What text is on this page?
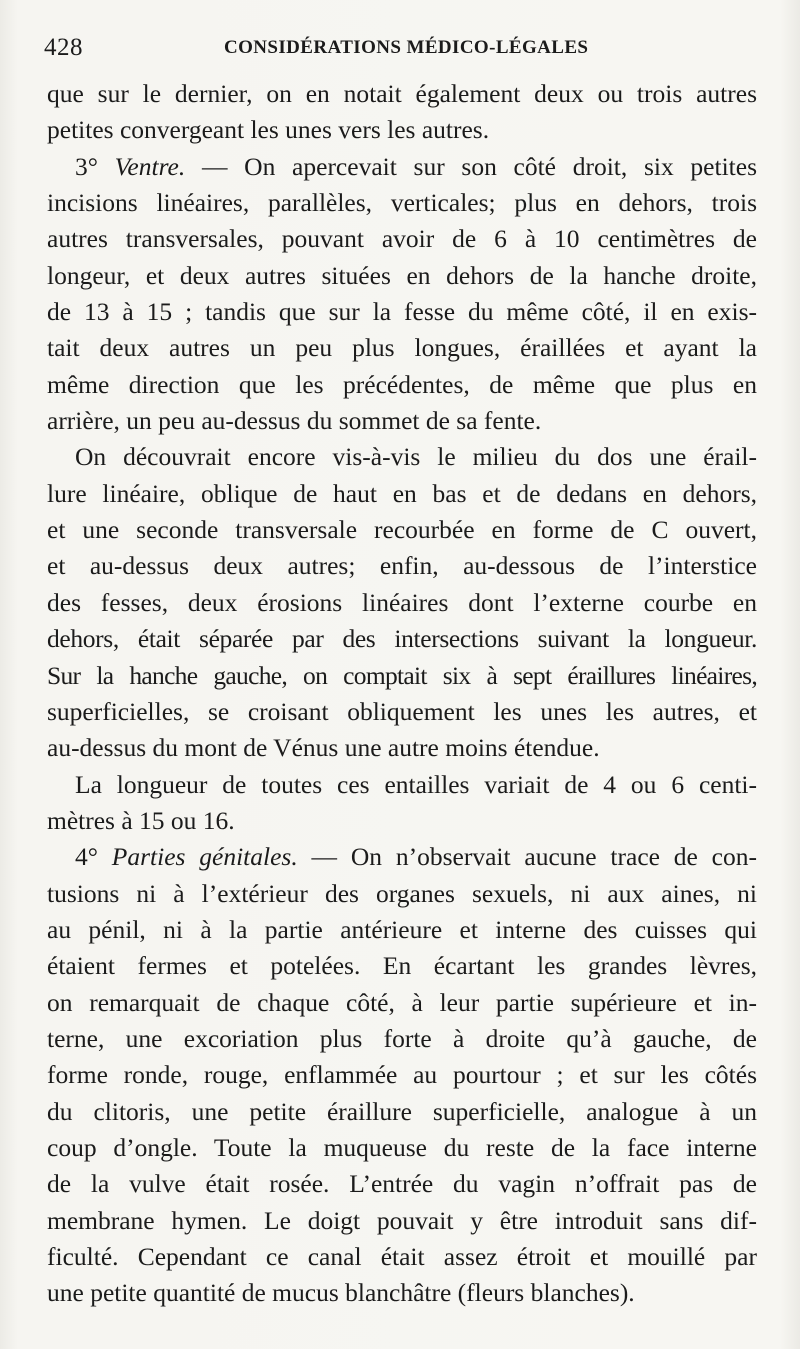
428	CONSIDÉRATIONS MÉDICO-LÉGALES
que sur le dernier, on en notait également deux ou trois autres
petites convergeant les unes vers les autres.
3° Ventre. — On apercevait sur son côté droit, six petites
incisions linéaires, parallèles, verticales; plus en dehors, trois
autres transversales, pouvant avoir de 6 à 10 centimètres de
longeur, et deux autres situées en dehors de la hanche droite,
de 13 à 15 ; tandis que sur la fesse du même côté, il en exis-
tait deux autres un peu plus longues, éraillées et ayant la
même direction que les précédentes, de même que plus en
arrière, un peu au-dessus du sommet de sa fente.
On découvrait encore vis-à-vis le milieu du dos une érail-
lure linéaire, oblique de haut en bas et de dedans en dehors,
et une seconde transversale recourbée en forme de C ouvert,
et au-dessus deux autres; enfin, au-dessous de l’interstice
des fesses, deux érosions linéaires dont l’externe courbe en
dehors, était séparée par des intersections suivant la longueur.
Sur la hanche gauche, on comptait six à sept éraillures linéaires,
superficielles, se croisant obliquement les unes les autres, et
au-dessus du mont de Vénus une autre moins étendue.
La longueur de toutes ces entailles variait de 4 ou 6 centi-
mètres à 15 ou 16.
4° Parties génitales. — On n’observait aucune trace de con-
tusions ni à l’extérieur des organes sexuels, ni aux aines, ni
au pénil, ni à la partie antérieure et interne des cuisses qui
étaient fermes et potelées. En écartant les grandes lèvres,
on remarquait de chaque côté, à leur partie supérieure et in-
terne, une excoriation plus forte à droite qu’à gauche, de
forme ronde, rouge, enflammée au pourtour ; et sur les côtés
du clitoris, une petite éraillure superficielle, analogue à un
coup d’ongle. Toute la muqueuse du reste de la face interne
de la vulve était rosée. L’entrée du vagin n’offrait pas de
membrane hymen. Le doigt pouvait y être introduit sans dif-
ficulté. Cependant ce canal était assez étroit et mouillé par
une petite quantité de mucus blanchâtre (fleurs blanches).
